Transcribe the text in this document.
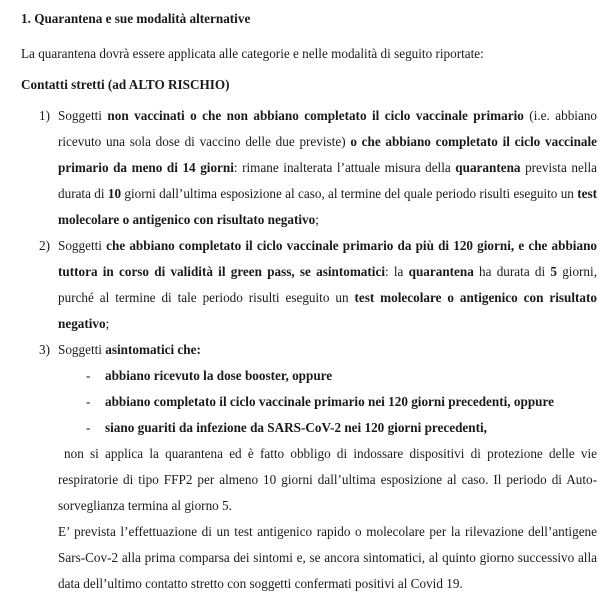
1. Quarantena e sue modalità alternative

La quarantena dovrà essere applicata alle categorie e nelle modalità di seguito riportate:

Contatti stretti (ad ALTO RISCHIO)
1) Soggetti non vaccinati o che non abbiano completato il ciclo vaccinale primario (i.e. abbiano ricevuto una sola dose di vaccino delle due previste) o che abbiano completato il ciclo vaccinale primario da meno di 14 giorni: rimane inalterata l’attuale misura della quarantena prevista nella durata di 10 giorni dall’ultima esposizione al caso, al termine del quale periodo risulti eseguito un test molecolare o antigenico con risultato negativo;
2) Soggetti che abbiano completato il ciclo vaccinale primario da più di 120 giorni, e che abbiano tuttora in corso di validità il green pass, se asintomatici: la quarantena ha durata di 5 giorni, purché al termine di tale periodo risulti eseguito un test molecolare o antigenico con risultato negativo;
3) Soggetti asintomatici che:
- abbiano ricevuto la dose booster, oppure
- abbiano completato il ciclo vaccinale primario nei 120 giorni precedenti, oppure
- siano guariti da infezione da SARS-CoV-2 nei 120 giorni precedenti,

non si applica la quarantena ed è fatto obbligo di indossare dispositivi di protezione delle vie respiratorie di tipo FFP2 per almeno 10 giorni dall’ultima esposizione al caso. Il periodo di Auto-sorveglianza termina al giorno 5.

E’ prevista l’effettuazione di un test antigenico rapido o molecolare per la rilevazione dell’antigene Sars-Cov-2 alla prima comparsa dei sintomi e, se ancora sintomatici, al quinto giorno successivo alla data dell’ultimo contatto stretto con soggetti confermati positivi al Covid 19.
